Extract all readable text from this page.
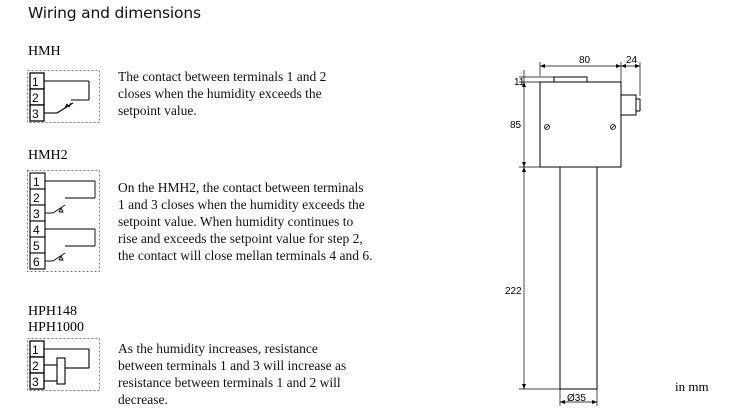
Wiring and dimensions
HMH
1
2
3
The contact between terminals 1 and 2
closes when the humidity exceeds the
setpoint value.
HMH2
1
2
3
4
5
6
On the HMH2, the contact between terminals
1 and 3 closes when the humidity exceeds the
setpoint value. When humidity continues to
rise and exceeds the setpoint value for step 2,
the contact will close mellan terminals 4 and 6.
HPH148
HPH1000
1
2
3
As the humidity increases, resistance
between terminals 1 and 3 will increase as
resistance between terminals 1 and 2 will
decrease.
80	24
11
85
222
Ø35
in mm
